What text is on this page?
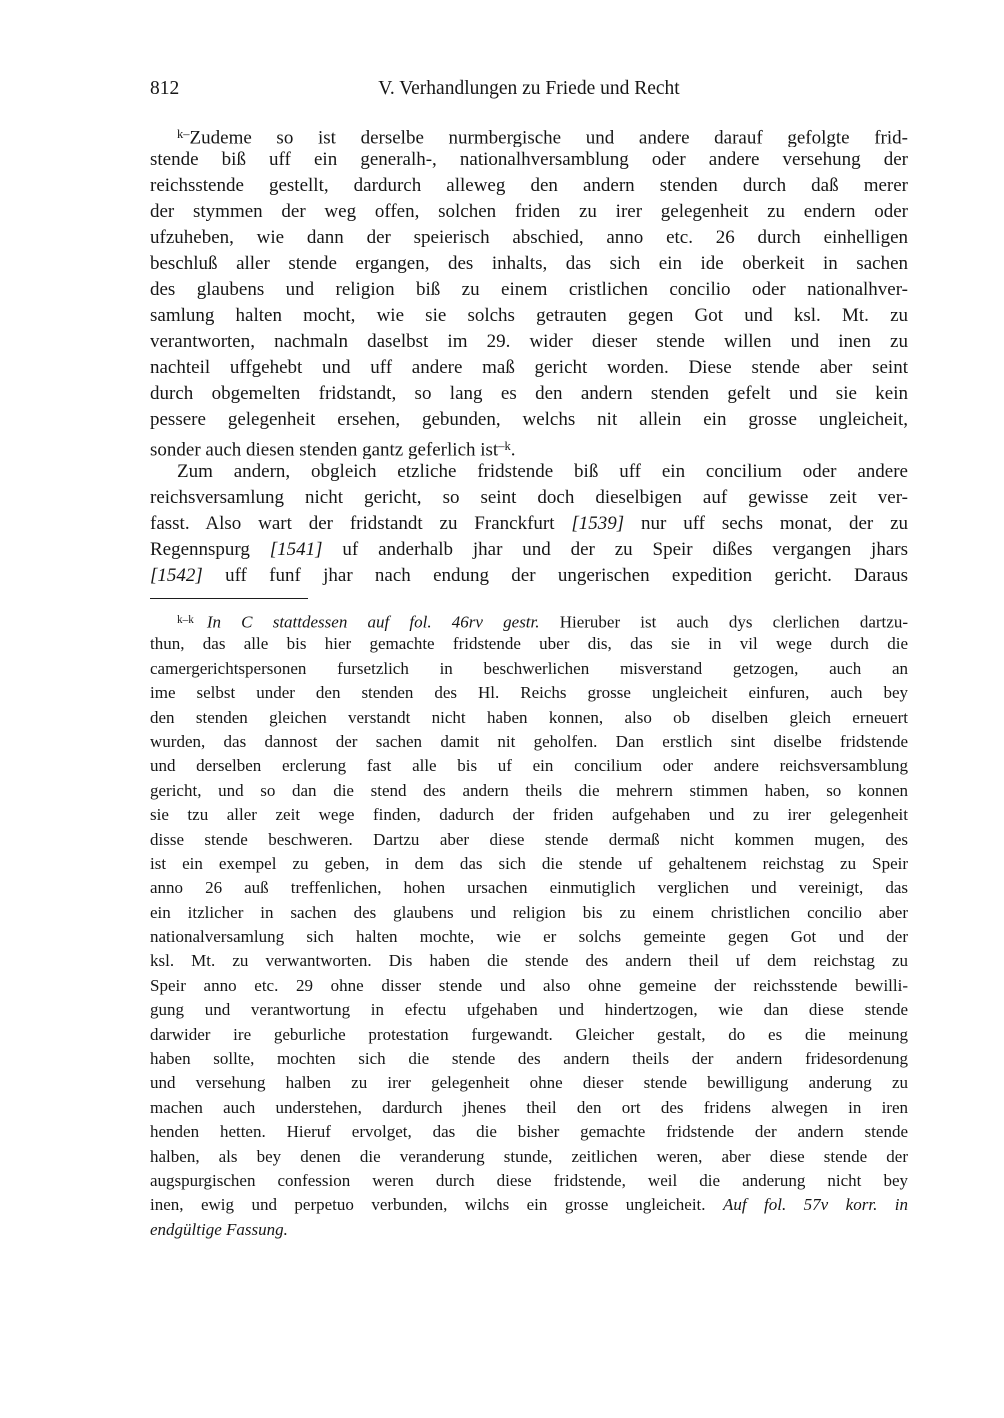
812	V. Verhandlungen zu Friede und Recht
$^{k-}$Zudeme so ist derselbe nurmbergische und andere darauf gefolgte frid-
stende biß uff ein generalh-, nationalhversamblung oder andere versehung der
reichsstende gestellt, dardurch alleweg den andern stenden durch daß merer
der stymmen der weg offen, solchen friden zu irer gelegenheit zu endern oder
ufzuheben, wie dann der speierisch abschied, anno etc. 26 durch einhelligen
beschluß aller stende ergangen, des inhalts, das sich ein ide oberkeit in sachen
des glaubens und religion biß zu einem cristlichen concilio oder nationalhver-
samlung halten mocht, wie sie solchs getrauten gegen Got und ksl. Mt. zu
verantworten, nachmaln daselbst im 29. wider dieser stende willen und inen zu
nachteil uffgehebt und uff andere maß gericht worden. Diese stende aber seint
durch obgemelten fridstandt, so lang es den andern stenden gefelt und sie kein
pessere gelegenheit ersehen, gebunden, welchs nit allein ein grosse ungleicheit,
sonder auch diesen stenden gantz geferlich ist$^{-k}$.
Zum andern, obgleich etzliche fridstende biß uff ein concilium oder andere
reichsversamlung nicht gericht, so seint doch dieselbigen auf gewisse zeit ver-
fasst. Also wart der fridstandt zu Franckfurt [1539] nur uff sechs monat, der zu
Regennspurg [1541] uf anderhalb jhar und der zu Speir dißes vergangen jhars
[1542] uff funf jhar nach endung der ungerischen expedition gericht. Daraus
$^{k-k}$ In C stattdessen auf fol. 46rv gestr. Hieruber ist auch dys clerlichen dartzu-
thun, das alle bis hier gemachte fridstende uber dis, das sie in vil wege durch die
camergerichtspersonen fursetzlich in beschwerlichen misverstand getzogen, auch an
ime selbst under den stenden des Hl. Reichs grosse ungleicheit einfuren, auch bey
den stenden gleichen verstandt nicht haben konnen, also ob diselben gleich erneuert
wurden, das dannost der sachen damit nit geholfen. Dan erstlich sint diselbe fridstende
und derselben erclerung fast alle bis uf ein concilium oder andere reichsversamblung
gericht, und so dan die stend des andern theils die mehrern stimmen haben, so konnen
sie tzu aller zeit wege finden, dadurch der friden aufgehaben und zu irer gelegenheit
disse stende beschweren. Dartzu aber diese stende dermaß nicht kommen mugen, des
ist ein exempel zu geben, in dem das sich die stende uf gehaltenem reichstag zu Speir
anno 26 auß treffenlichen, hohen ursachen einmutiglich verglichen und vereinigt, das
ein itzlicher in sachen des glaubens und religion bis zu einem christlichen concilio aber
nationalversamlung sich halten mochte, wie er solchs gemeinte gegen Got und der
ksl. Mt. zu verwantworten. Dis haben die stende des andern theil uf dem reichstag zu
Speir anno etc. 29 ohne disser stende und also ohne gemeine der reichsstende bewilli-
gung und verantwortung in efectu ufgehaben und hindertzogen, wie dan diese stende
darwider ire geburliche protestation furgewandt. Gleicher gestalt, do es die meinung
haben sollte, mochten sich die stende des andern theils der andern fridesordenung
und versehung halben zu irer gelegenheit ohne dieser stende bewilligung anderung zu
machen auch understehen, dardurch jhenes theil den ort des fridens alwegen in iren
henden hetten. Hieruf ervolget, das die bisher gemachte fridstende der andern stende
halben, als bey denen die veranderung stunde, zeitlichen weren, aber diese stende der
augspurgischen confession weren durch diese fridstende, weil die anderung nicht bey
inen, ewig und perpetuo verbunden, wilchs ein grosse ungleicheit. Auf fol. 57v korr. in
endgültige Fassung.
